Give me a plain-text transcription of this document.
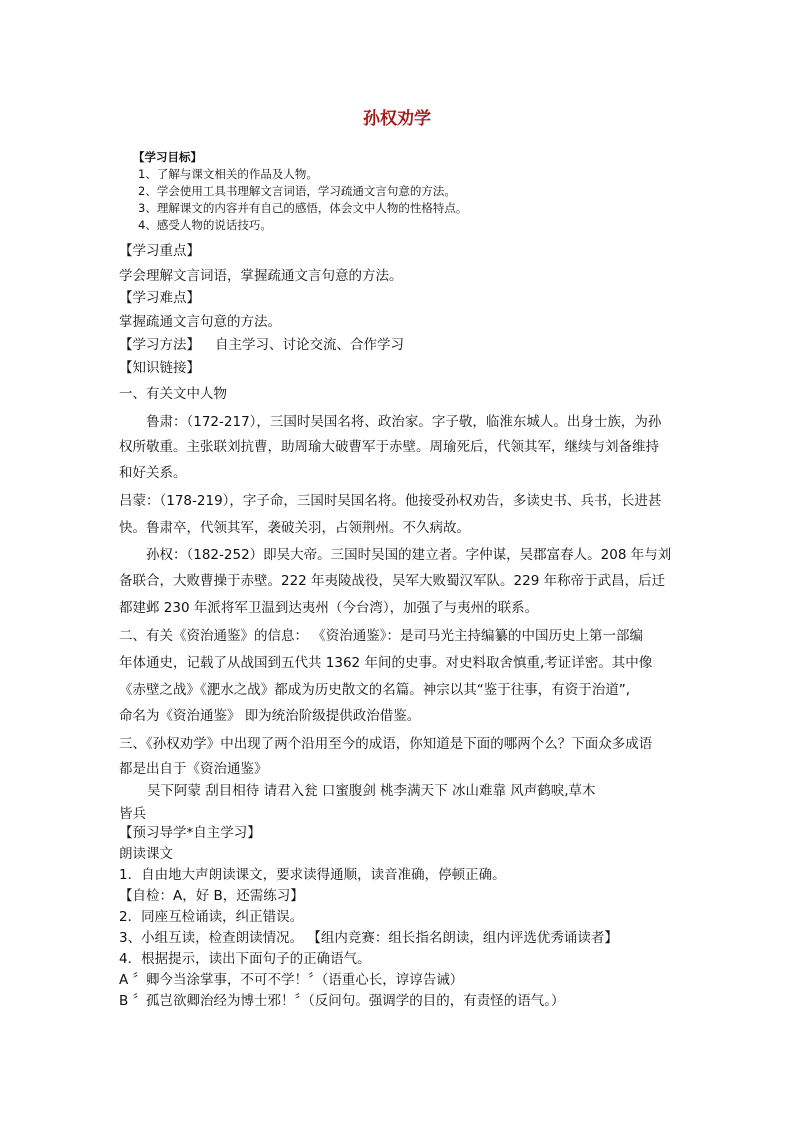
孙权劝学
【学习目标】
1、了解与课文相关的作品及人物。
2、学会使用工具书理解文言词语，学习疏通文言句意的方法。
3、理解课文的内容并有自己的感悟，体会文中人物的性格特点。
4、感受人物的说话技巧。
【学习重点】
学会理解文言词语，掌握疏通文言句意的方法。
【学习难点】
掌握疏通文言句意的方法。
【学习方法】 自主学习、讨论交流、合作学习
【知识链接】
一、有关文中人物
鲁肃：（172-217），三国时吴国名将、政治家。字子敬，临淮东城人。出身士族，为孙
权所敬重。主张联刘抗曹，助周瑜大破曹军于赤壁。周瑜死后，代领其军，继续与刘备维持
和好关系。
吕蒙：（178-219），字子命，三国时吴国名将。他接受孙权劝告，多读史书、兵书，长进甚
快。鲁肃卒，代领其军，袭破关羽，占领荆州。不久病故。
孙权：（182-252）即吴大帝。三国时吴国的建立者。字仲谋，吴郡富春人。208 年与刘
备联合，大败曹操于赤壁。222 年夷陵战役，吴军大败蜀汉军队。229 年称帝于武昌，后迁
都建邺 230 年派将军卫温到达夷州（今台湾），加强了与夷州的联系。
二、有关《资治通鉴》的信息： 《资治通鉴》：是司马光主持编纂的中国历史上第一部编
年体通史，记载了从战国到五代共 1362 年间的史事。对史料取舍慎重,考证详密。其中像
《赤壁之战》《淝水之战》都成为历史散文的名篇。神宗以其“鉴于往事，有资于治道”,
命名为《资治通鉴》 即为统治阶级提供政治借鉴。
三、《孙权劝学》中出现了两个沿用至今的成语，你知道是下面的哪两个么？下面众多成语
都是出自于《资治通鉴》
吴下阿蒙 刮目相待 请君入瓮 口蜜腹剑 桃李满天下 冰山难靠 风声鹤唳,草木
皆兵
【预习导学*自主学习】
朗读课文
1．自由地大声朗读课文，要求读得通顺，读音准确，停顿正确。
【自检：A，好 B，还需练习】
2．同座互检诵读，纠正错误。
3、小组互读，检查朗读情况。 【组内竞赛：组长指名朗读，组内评选优秀诵读者】
4．根据提示，读出下面句子的正确语气。
A 〞卿今当涂掌事，不可不学！〞（语重心长，谆谆告诫）
B 〞孤岂欲卿治经为博士邪！〞（反问句。强调学的目的，有责怪的语气。）
